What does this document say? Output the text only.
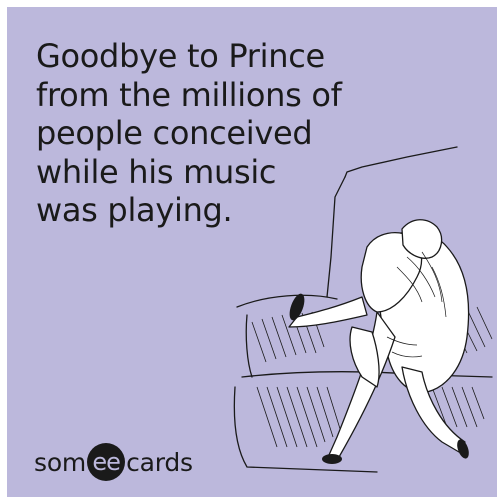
Goodbye to Prince
from the millions of
people conceived
while his music
was playing.
som ee cards
